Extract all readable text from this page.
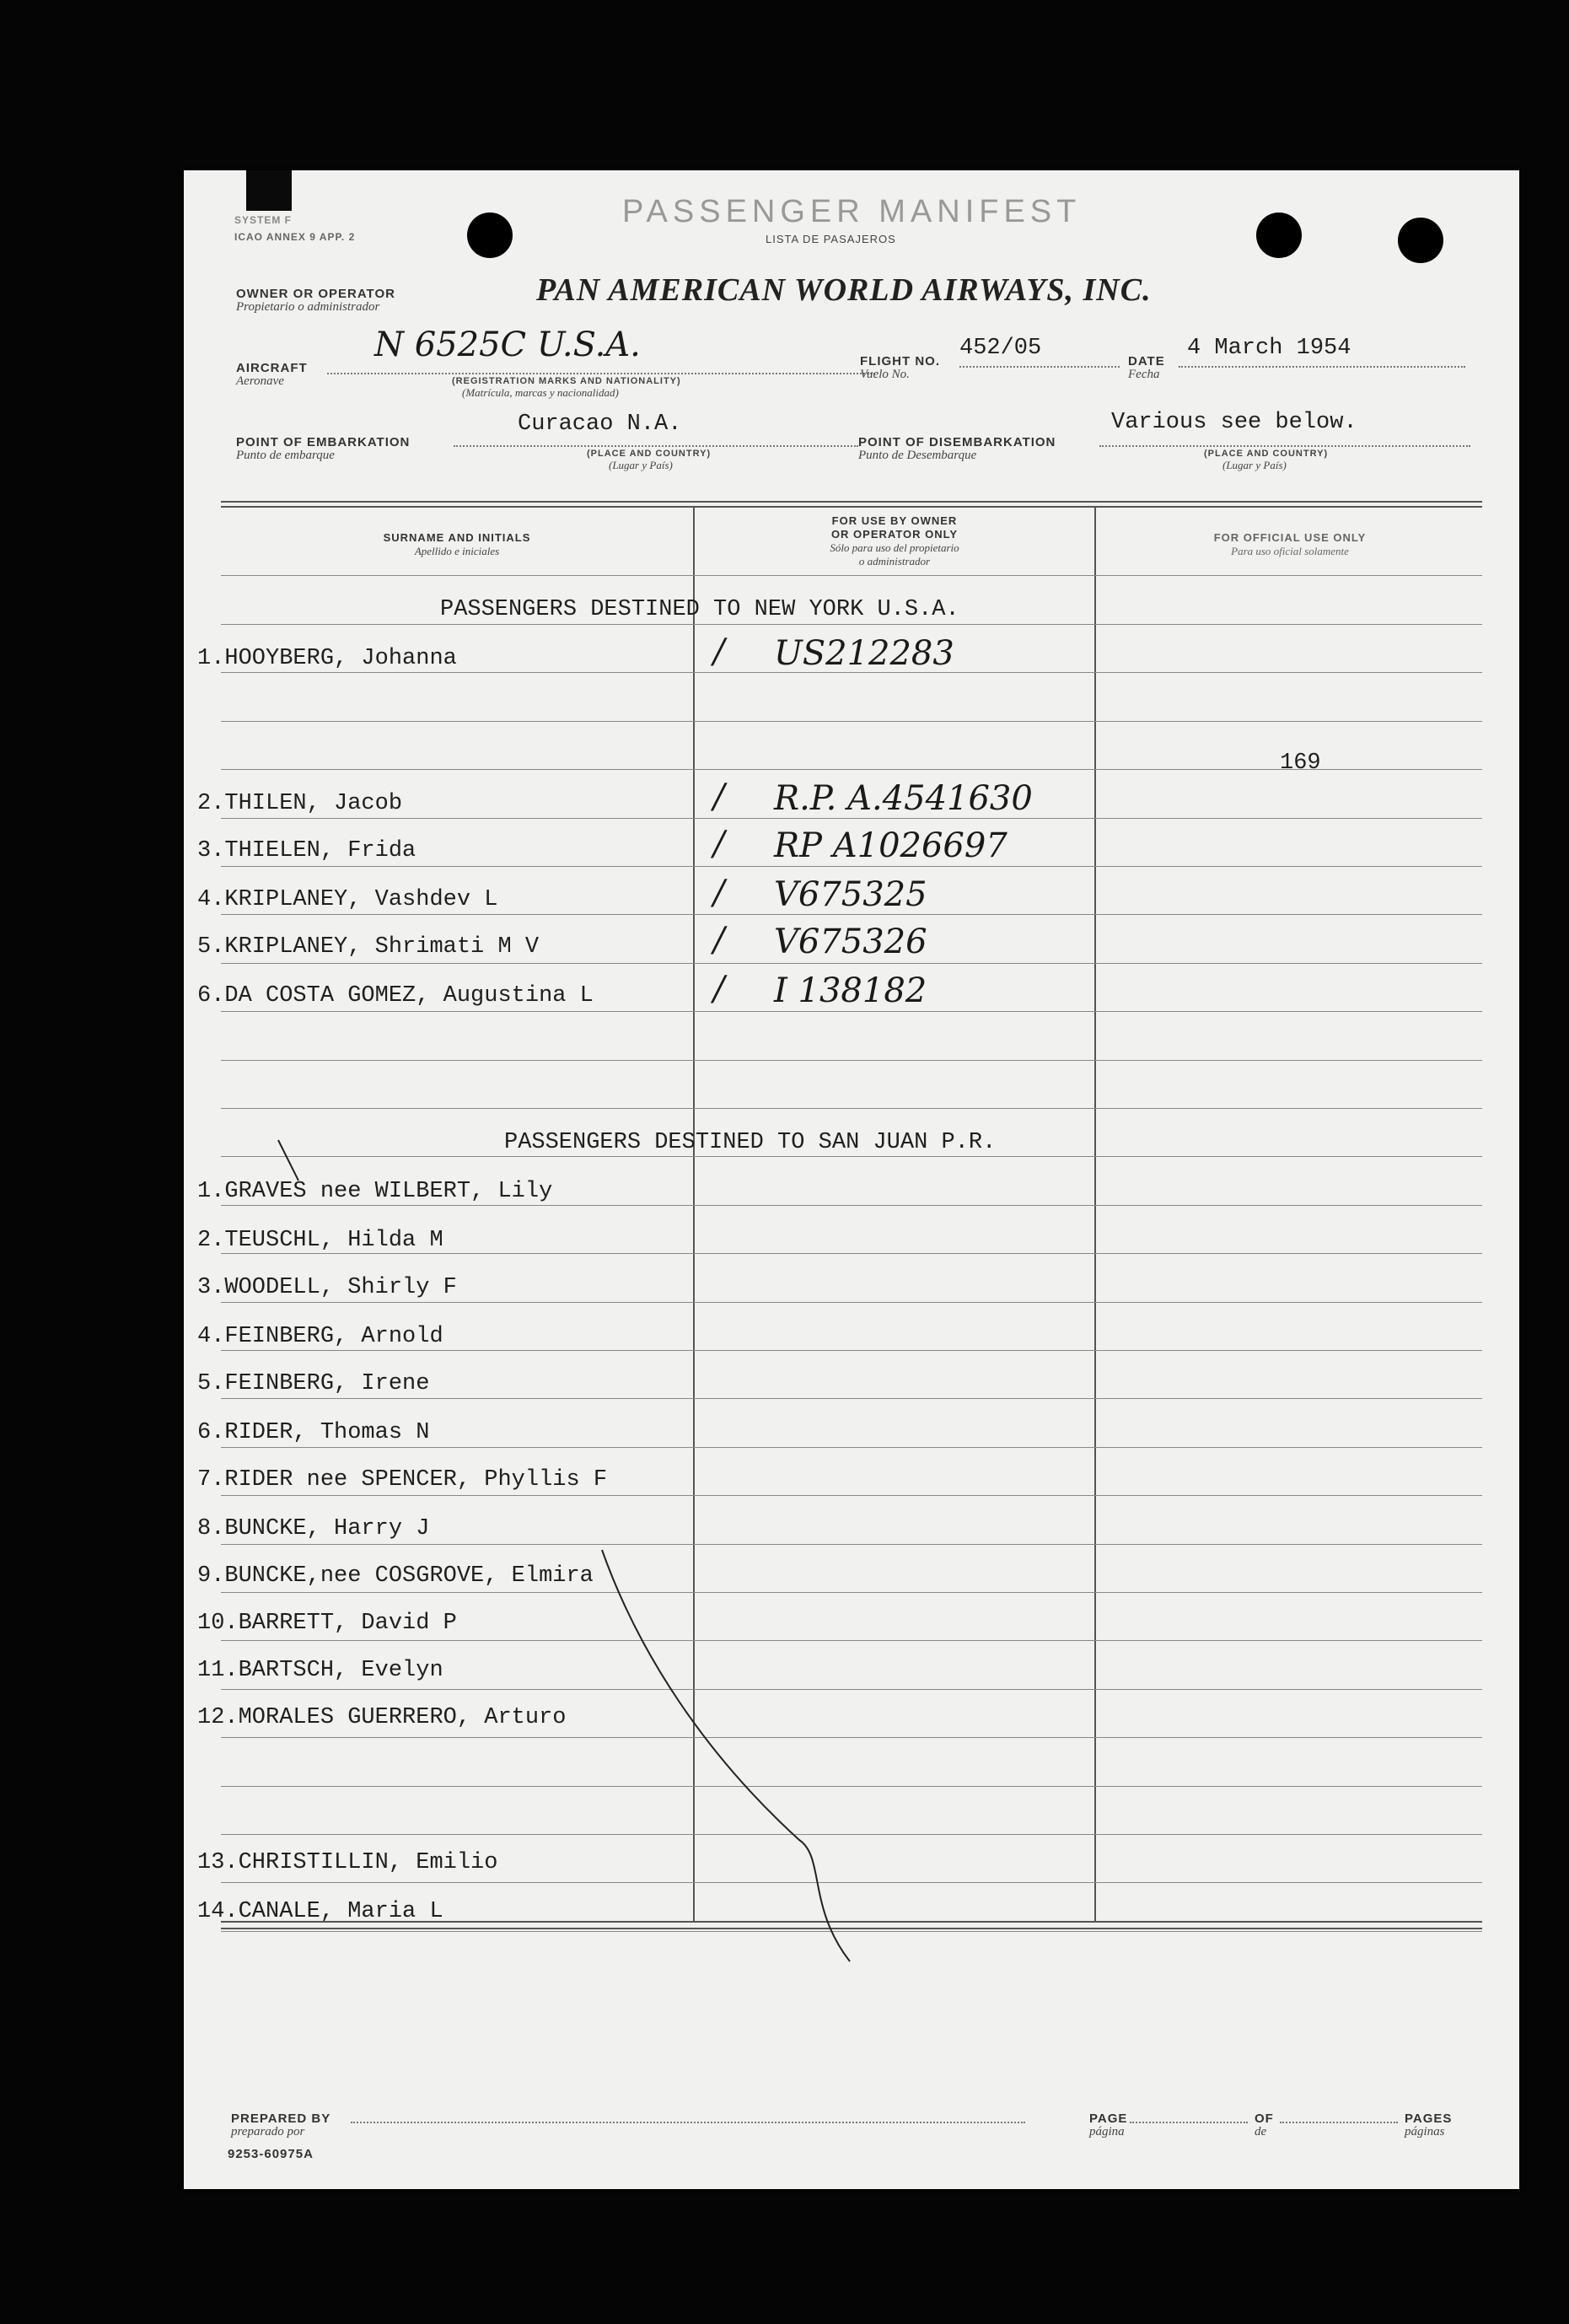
SYSTEM F
ICAO ANNEX 9 APP. 2
PASSENGER MANIFEST
LISTA DE PASAJEROS
OWNER OR OPERATOR
Propietario o administrador	PAN AMERICAN WORLD AIRWAYS, INC.
AIRCRAFT
Aeronave
N 6525C U.S.A.
(REGISTRATION MARKS AND NATIONALITY)
(Matrícula, marcas y nacionalidad)
FLIGHT NO.
Vuelo No.
452/05
DATE
Fecha
4 March 1954
POINT OF EMBARKATION
Punto de embarque
Curacao N.A.
(PLACE AND COUNTRY)
(Lugar y País)
POINT OF DISEMBARKATION
Punto de Desembarque
Various see below.
(PLACE AND COUNTRY)
(Lugar y País)
SURNAME AND INITIALS
Apellido e iniciales
FOR USE BY OWNER
OR OPERATOR ONLY
Sólo para uso del propietario
o administrador
FOR OFFICIAL USE ONLY
Para uso oficial solamente
PASSENGERS DESTINED TO NEW YORK U.S.A.
1.HOOYBERG, Johanna	US212283
/
2.THILEN, Jacob	R.P. A.4541630
/
3.THIELEN, Frida	RP A1026697
/
4.KRIPLANEY, Vashdev L	V675325
/
5.KRIPLANEY, Shrimati M V	V675326
/
6.DA COSTA GOMEZ, Augustina L	I 138182
/
169
PASSENGERS DESTINED TO SAN JUAN P.R.
1.GRAVES nee WILBERT, Lily
2.TEUSCHL, Hilda M
3.WOODELL, Shirly F
4.FEINBERG, Arnold
5.FEINBERG, Irene
6.RIDER, Thomas N
7.RIDER nee SPENCER, Phyllis F
8.BUNCKE, Harry J
9.BUNCKE,nee COSGROVE, Elmira
10.BARRETT, David P
11.BARTSCH, Evelyn
12.MORALES GUERRERO, Arturo
13.CHRISTILLIN, Emilio
14.CANALE, Maria L
PREPARED BY
preparado por
9253-60975A
PAGE
página
OF
de
PAGES
páginas
